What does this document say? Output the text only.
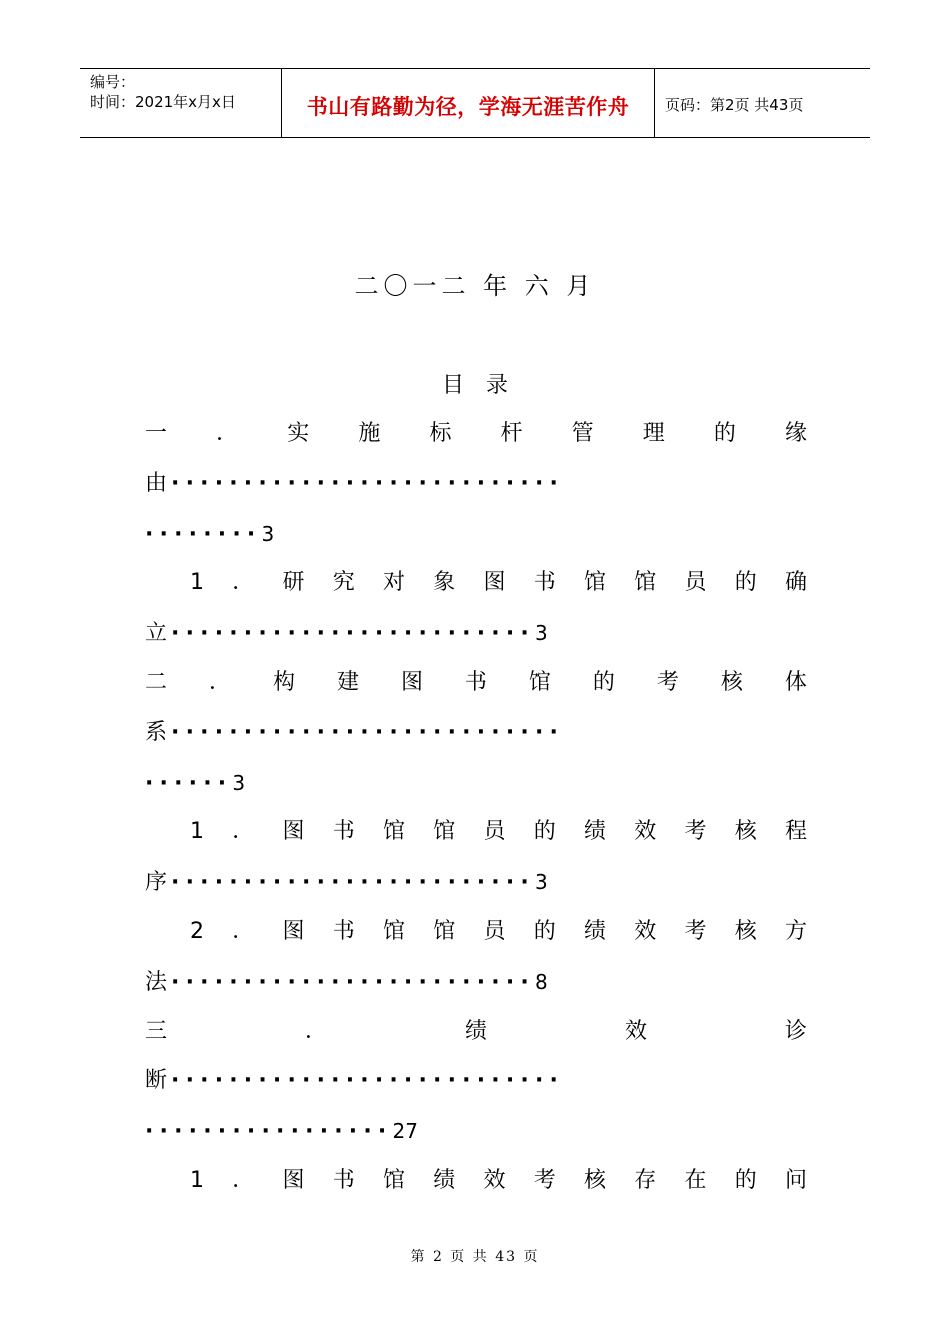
编号：
时间：2021年x月x日	书山有路勤为径，学海无涯苦作舟	页码：第2页 共43页
二〇一二 年 六 月
目录
一 ． 实 施 标 杆 管 理 的 缘
由 ···························
········3
1 ． 研 究 对 象 图 书 馆 馆 员 的 确
立 ·························3
二 ． 构 建 图 书 馆 的 考 核 体
系 ···························
······3
1 ． 图 书 馆 馆 员 的 绩 效 考 核 程
序 ·························3
2 ． 图 书 馆 馆 员 的 绩 效 考 核 方
法 ·························8
三	．	绩	效	诊
断 ···························
·················27
1 ． 图 书 馆 绩 效 考 核 存 在 的 问
第 2 页 共 43 页
